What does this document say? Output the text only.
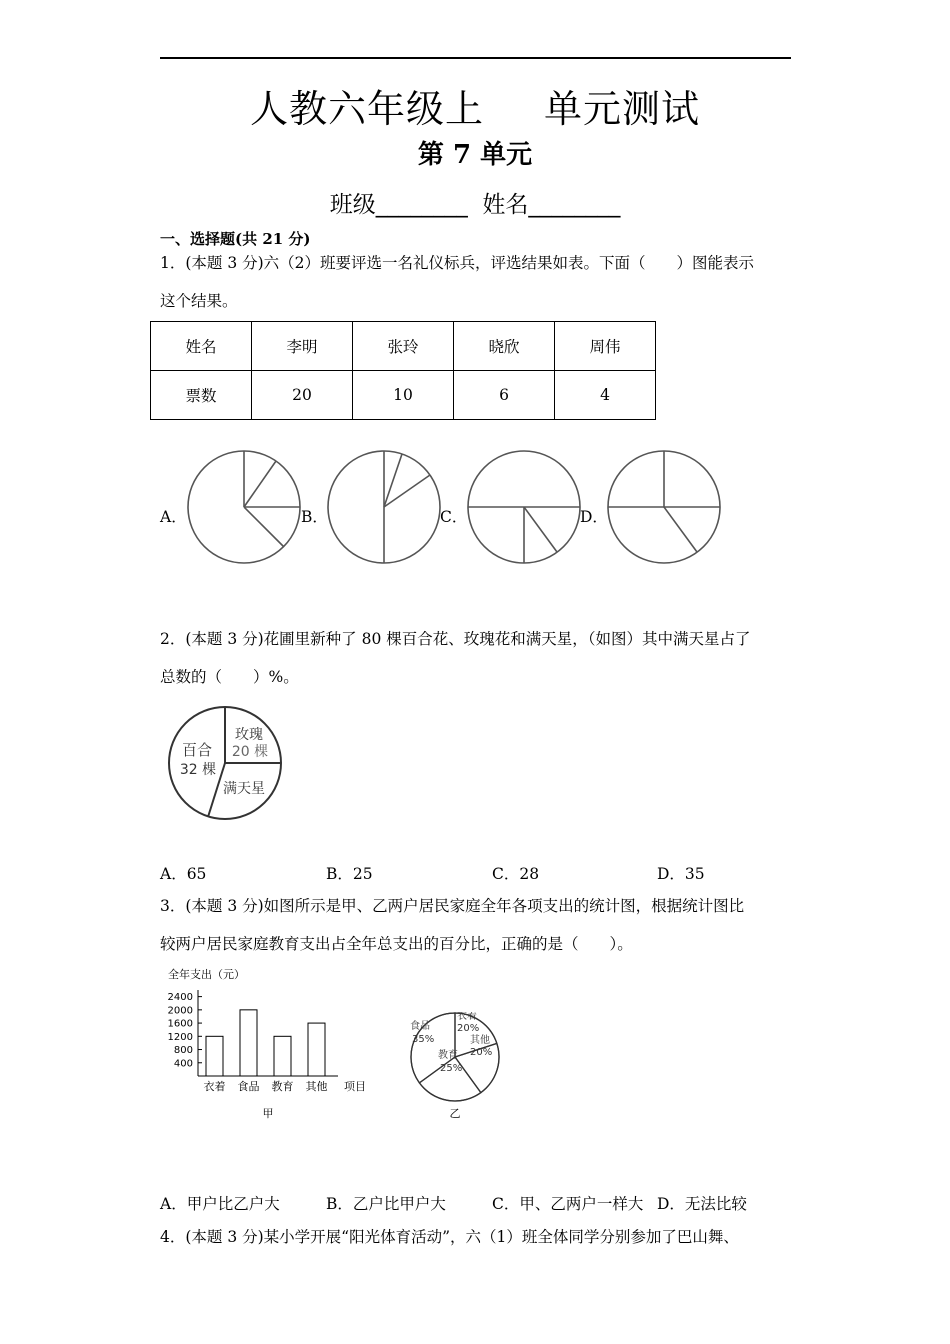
人教六年级上 单元测试
第 7 单元
班级________ 姓名________
一、选择题(共 21 分)
1．(本题 3 分)六（2）班要评选一名礼仪标兵，评选结果如表。下面（　　）图能表示
这个结果。
姓名	李明	张玲	晓欣	周伟
票数	20	10	6	4
A．	B．	C．	D．
2．(本题 3 分)花圃里新种了 80 棵百合花、玫瑰花和满天星，（如图）其中满天星占了
总数的（　　）%。
百合
32 棵
玫瑰
20 棵
满天星
A．65	B．25	C．28	D．35
3．(本题 3 分)如图所示是甲、乙两户居民家庭全年各项支出的统计图，根据统计图比
较两户居民家庭教育支出占全年总支出的百分比，正确的是（　　）。
全年支出（元）
400
800
1200
1600
2000
2400
衣着 食品 教育 其他 项目
甲
食品
35%
衣着
20%
其他
20%
教育
25%
乙
A．甲户比乙户大	B．乙户比甲户大	C．甲、乙两户一样大 D．无法比较
4．(本题 3 分)某小学开展“阳光体育活动”，六（1）班全体同学分别参加了巴山舞、
